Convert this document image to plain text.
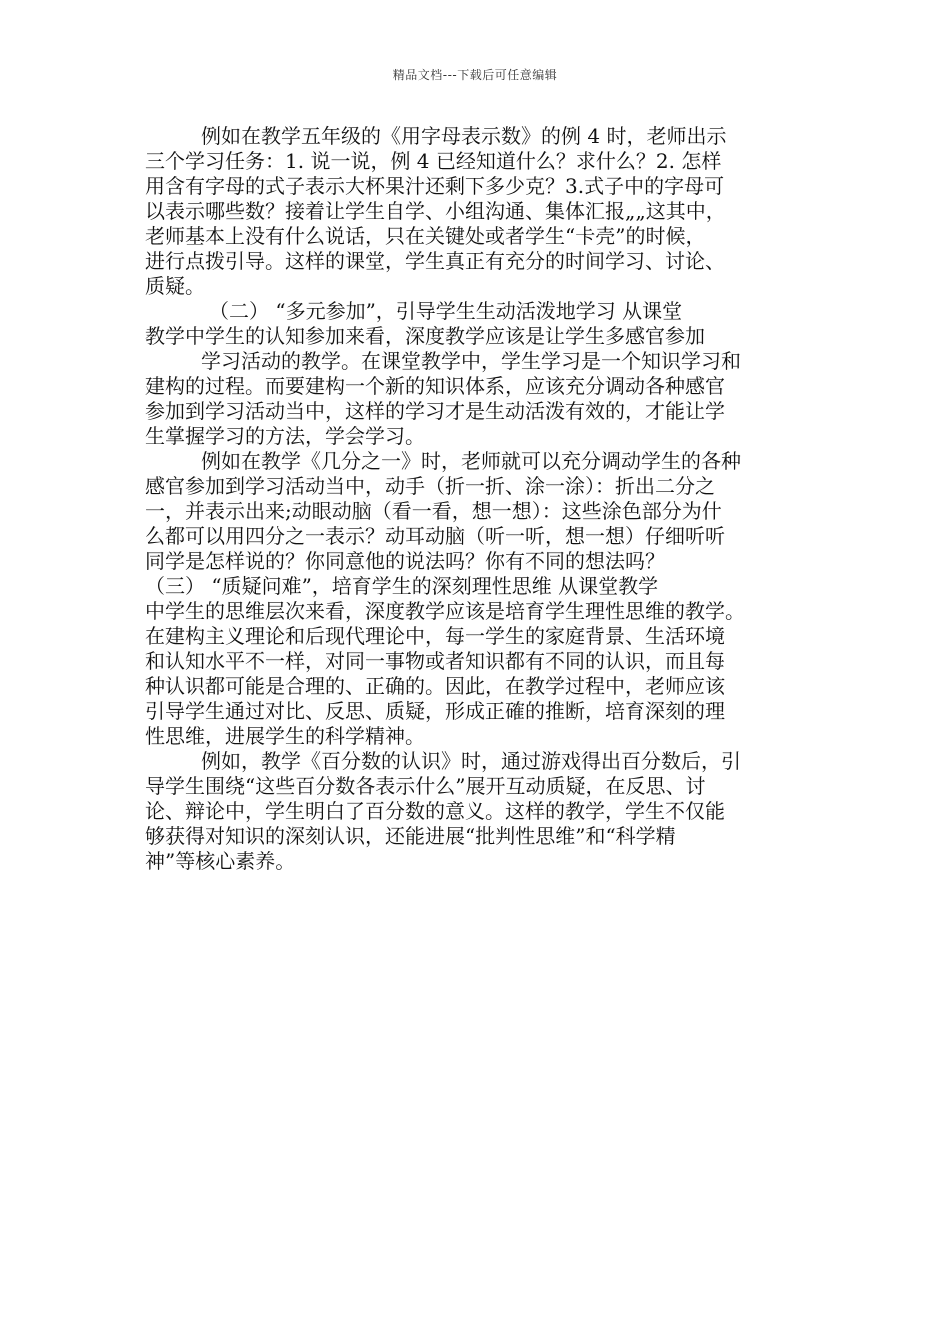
精品文档---下载后可任意编辑
例如在教学五年级的《用字母表示数》的例 4 时，老师出示
三个学习任务：1. 说一说，例 4 已经知道什么？求什么？2. 怎样
用含有字母的式子表示大杯果汁还剩下多少克？3.式子中的字母可
以表示哪些数？接着让学生自学、小组沟通、集体汇报„„这其中，
老师基本上没有什么说话，只在关键处或者学生“卡壳”的时候，
进行点拨引导。这样的课堂，学生真正有充分的时间学习、讨论、
质疑。
（二） “多元参加”，引导学生生动活泼地学习 从课堂
教学中学生的认知参加来看，深度教学应该是让学生多感官参加
学习活动的教学。在课堂教学中，学生学习是一个知识学习和
建构的过程。而要建构一个新的知识体系，应该充分调动各种感官
参加到学习活动当中，这样的学习才是生动活泼有效的，才能让学
生掌握学习的方法，学会学习。
例如在教学《几分之一》时，老师就可以充分调动学生的各种
感官参加到学习活动当中，动手（折一折、涂一涂）：折出二分之
一，并表示出来;动眼动脑（看一看，想一想）：这些涂色部分为什
么都可以用四分之一表示？动耳动脑（听一听，想一想）仔细听听
同学是怎样说的？你同意他的说法吗？你有不同的想法吗？
（三） “质疑问难”，培育学生的深刻理性思维 从课堂教学
中学生的思维层次来看，深度教学应该是培育学生理性思维的教学。
在建构主义理论和后现代理论中，每一学生的家庭背景、生活环境
和认知水平不一样，对同一事物或者知识都有不同的认识，而且每
种认识都可能是合理的、正确的。因此，在教学过程中，老师应该
引导学生通过对比、反思、质疑，形成正確的推断，培育深刻的理
性思维，进展学生的科学精神。
例如，教学《百分数的认识》时，通过游戏得出百分数后，引
导学生围绕“这些百分数各表示什么”展开互动质疑，在反思、讨
论、辩论中，学生明白了百分数的意义。这样的教学，学生不仅能
够获得对知识的深刻认识，还能进展“批判性思维”和“科学精
神”等核心素养。
